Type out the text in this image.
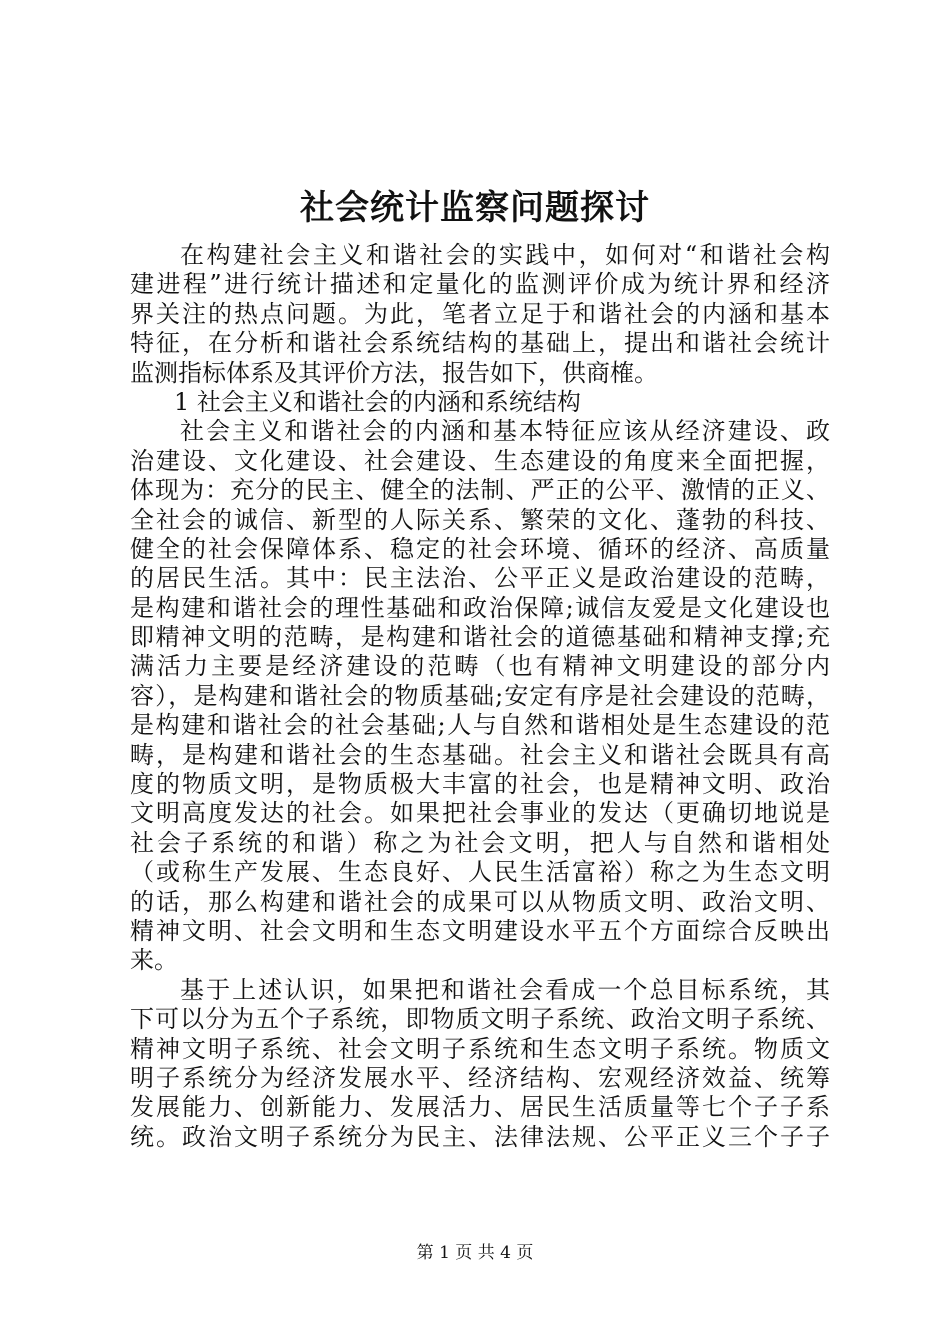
社会统计监察问题探讨
在构建社会主义和谐社会的实践中，如何对“和谐社会构
建进程”进行统计描述和定量化的监测评价成为统计界和经济
界关注的热点问题。为此，笔者立足于和谐社会的内涵和基本
特征，在分析和谐社会系统结构的基础上，提出和谐社会统计
监测指标体系及其评价方法，报告如下，供商榷。
1 社会主义和谐社会的内涵和系统结构
社会主义和谐社会的内涵和基本特征应该从经济建设、政
治建设、文化建设、社会建设、生态建设的角度来全面把握，
体现为：充分的民主、健全的法制、严正的公平、激情的正义、
全社会的诚信、新型的人际关系、繁荣的文化、蓬勃的科技、
健全的社会保障体系、稳定的社会环境、循环的经济、高质量
的居民生活。其中：民主法治、公平正义是政治建设的范畴，
是构建和谐社会的理性基础和政治保障;诚信友爱是文化建设也
即精神文明的范畴，是构建和谐社会的道德基础和精神支撑;充
满活力主要是经济建设的范畴（也有精神文明建设的部分内
容），是构建和谐社会的物质基础;安定有序是社会建设的范畴，
是构建和谐社会的社会基础;人与自然和谐相处是生态建设的范
畴，是构建和谐社会的生态基础。社会主义和谐社会既具有高
度的物质文明，是物质极大丰富的社会，也是精神文明、政治
文明高度发达的社会。如果把社会事业的发达（更确切地说是
社会子系统的和谐）称之为社会文明，把人与自然和谐相处
（或称生产发展、生态良好、人民生活富裕）称之为生态文明
的话，那么构建和谐社会的成果可以从物质文明、政治文明、
精神文明、社会文明和生态文明建设水平五个方面综合反映出
来。
基于上述认识，如果把和谐社会看成一个总目标系统，其
下可以分为五个子系统，即物质文明子系统、政治文明子系统、
精神文明子系统、社会文明子系统和生态文明子系统。物质文
明子系统分为经济发展水平、经济结构、宏观经济效益、统筹
发展能力、创新能力、发展活力、居民生活质量等七个子子系
统。政治文明子系统分为民主、法律法规、公平正义三个子子
第 1 页 共 4 页
